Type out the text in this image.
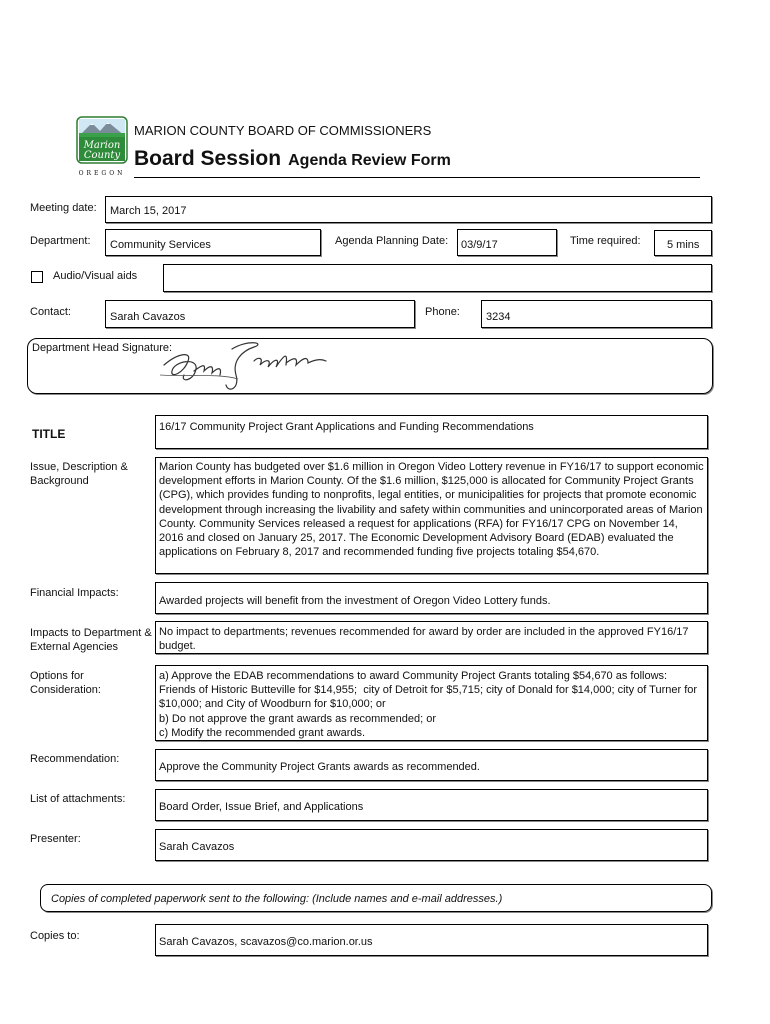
Marion
County
OREGON
MARION COUNTY BOARD OF COMMISSIONERS
Board Session Agenda Review Form
Meeting date: March 15, 2017
Department: Community Services	Agenda Planning Date: 03/9/17	Time required: 5 mins
Audio/Visual aids
Contact:	Sarah Cavazos	Phone: 3234
Department Head Signature:
TITLE	16/17 Community Project Grant Applications and Funding Recommendations
Issue, Description & Background
Marion County has budgeted over $1.6 million in Oregon Video Lottery revenue in FY16/17 to support economic development efforts in Marion County. Of the $1.6 million, $125,000 is allocated for Community Project Grants (CPG), which provides funding to nonprofits, legal entities, or municipalities for projects that promote economic development through increasing the livability and safety within communities and unincorporated areas of Marion County. Community Services released a request for applications (RFA) for FY16/17 CPG on November 14, 2016 and closed on January 25, 2017. The Economic Development Advisory Board (EDAB) evaluated the applications on February 8, 2017 and recommended funding five projects totaling $54,670.
Financial Impacts:
Awarded projects will benefit from the investment of Oregon Video Lottery funds.
Impacts to Department & External Agencies
No impact to departments; revenues recommended for award by order are included in the approved FY16/17 budget.
Options for Consideration:
a) Approve the EDAB recommendations to award Community Project Grants totaling $54,670 as follows: Friends of Historic Butteville for $14,955;  city of Detroit for $5,715; city of Donald for $14,000; city of Turner for $10,000; and City of Woodburn for $10,000; or
b) Do not approve the grant awards as recommended; or
c) Modify the recommended grant awards.
Recommendation:
Approve the Community Project Grants awards as recommended.
List of attachments:
Board Order, Issue Brief, and Applications
Presenter:
Sarah Cavazos
Copies of completed paperwork sent to the following: (Include names and e-mail addresses.)
Copies to:	Sarah Cavazos, scavazos@co.marion.or.us
